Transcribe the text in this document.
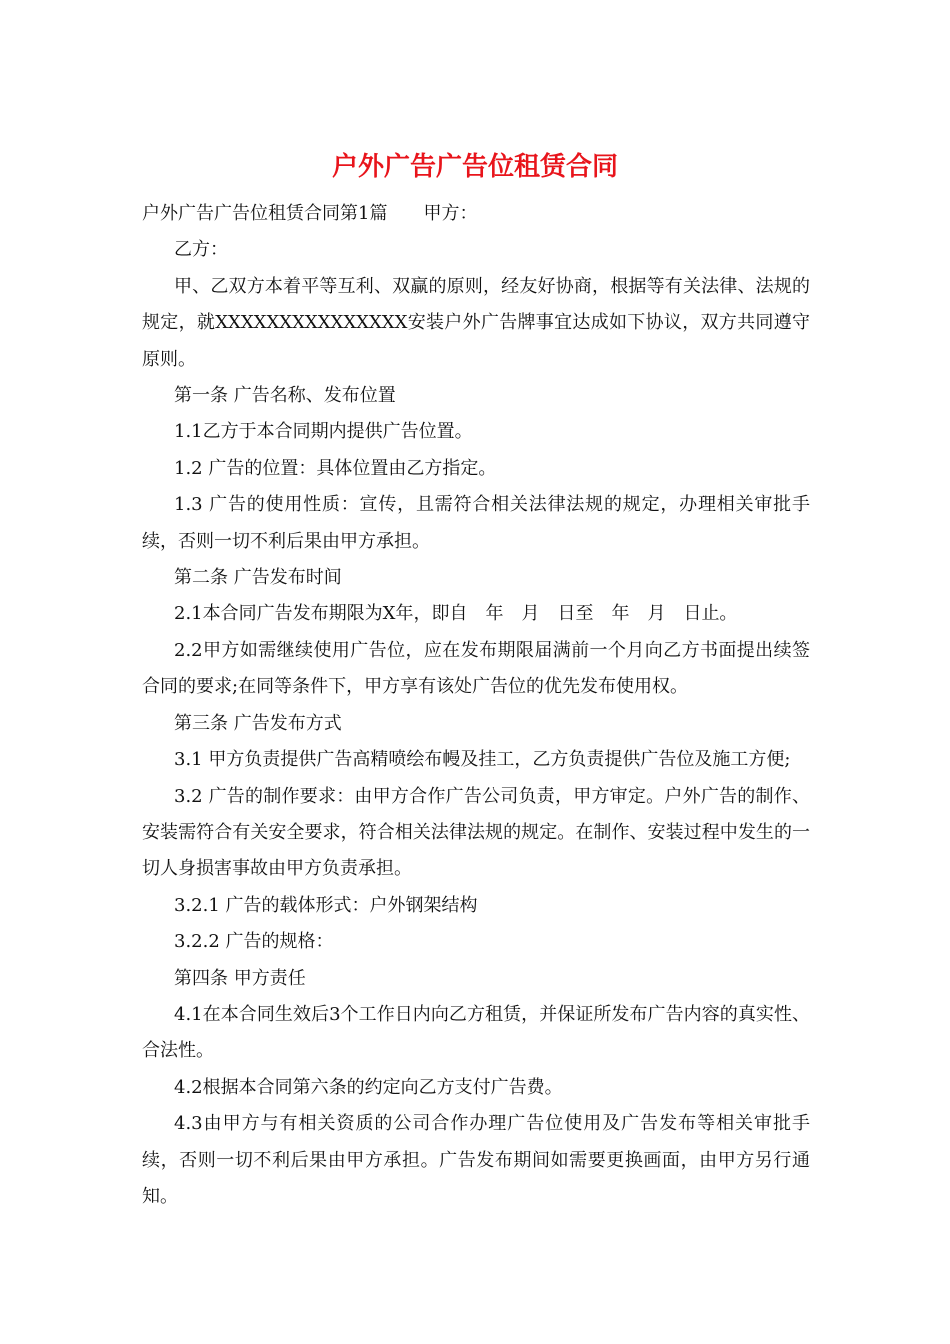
户外广告广告位租赁合同

户外广告广告位租赁合同第1篇　　甲方：

乙方：

甲、乙双方本着平等互利、双赢的原则，经友好协商，根据等有关法律、法规的规定，就XXXXXXXXXXXXXXX安装户外广告牌事宜达成如下协议，双方共同遵守原则。

第一条 广告名称、发布位置

1.1乙方于本合同期内提供广告位置。

1.2 广告的位置：具体位置由乙方指定。

1.3 广告的使用性质：宣传，且需符合相关法律法规的规定，办理相关审批手续，否则一切不利后果由甲方承担。

第二条 广告发布时间

2.1本合同广告发布期限为X年，即自　年　月　日至　年　月　日止。

2.2甲方如需继续使用广告位，应在发布期限届满前一个月向乙方书面提出续签合同的要求;在同等条件下，甲方享有该处广告位的优先发布使用权。

第三条 广告发布方式

3.1 甲方负责提供广告高精喷绘布幔及挂工，乙方负责提供广告位及施工方便;

3.2 广告的制作要求：由甲方合作广告公司负责，甲方审定。户外广告的制作、安装需符合有关安全要求，符合相关法律法规的规定。在制作、安装过程中发生的一切人身损害事故由甲方负责承担。

3.2.1 广告的载体形式：户外钢架结构

3.2.2 广告的规格：

第四条 甲方责任

4.1在本合同生效后3个工作日内向乙方租赁，并保证所发布广告内容的真实性、合法性。

4.2根据本合同第六条的约定向乙方支付广告费。

4.3由甲方与有相关资质的公司合作办理广告位使用及广告发布等相关审批手续，否则一切不利后果由甲方承担。广告发布期间如需要更换画面，由甲方另行通知。
